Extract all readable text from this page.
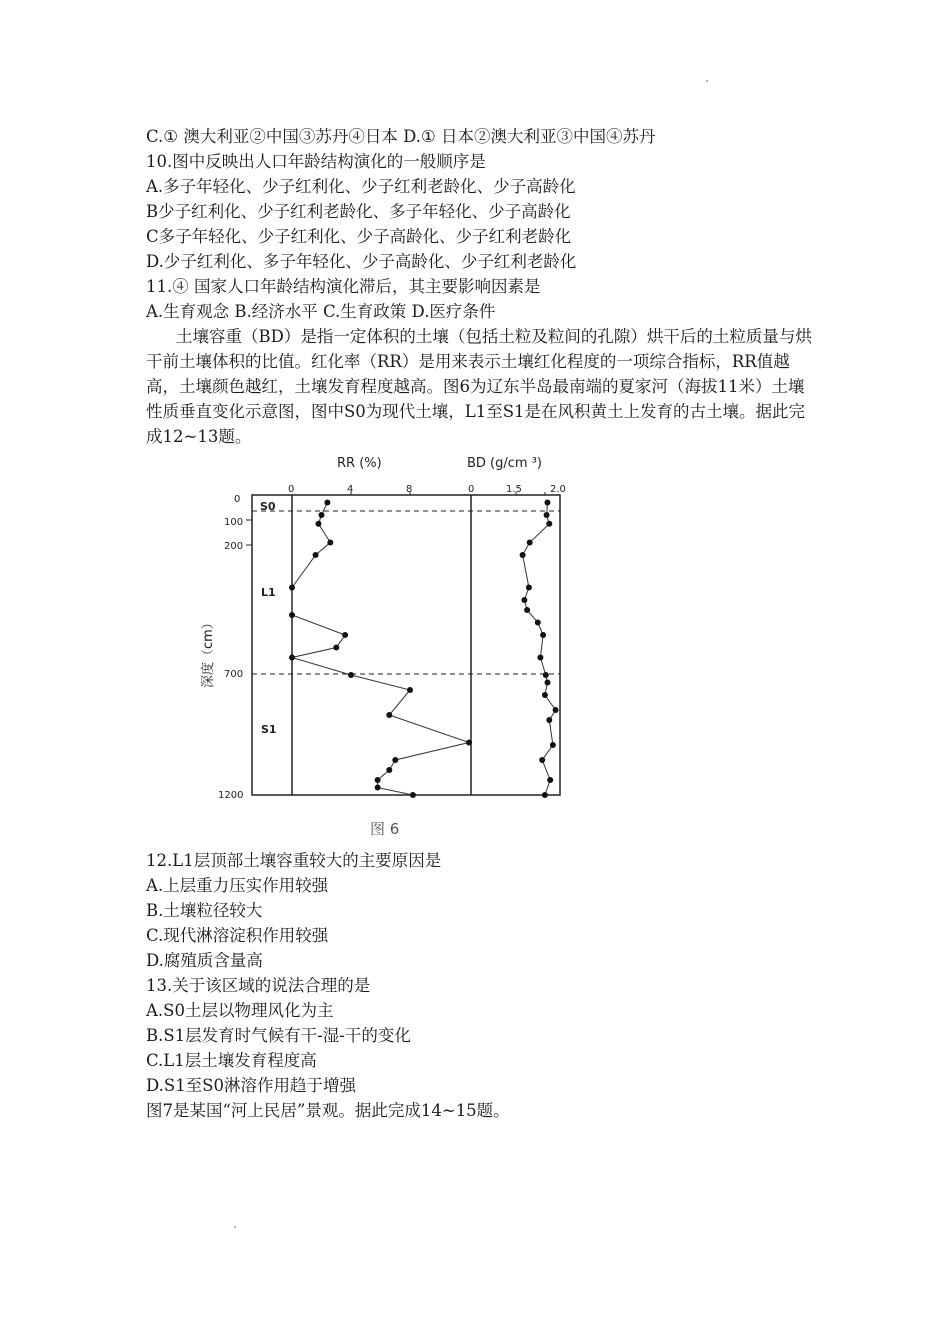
C.① 澳大利亚②中国③苏丹④日本 D.① 日本②澳大利亚③中国④苏丹
10.图中反映出人口年龄结构演化的一般顺序是
A.多子年轻化、少子红利化、少子红利老龄化、少子高龄化
B少子红利化、少子红利老龄化、多子年轻化、少子高龄化
C多子年轻化、少子红利化、少子高龄化、少子红利老龄化
D.少子红利化、多子年轻化、少子高龄化、少子红利老龄化
11.④ 国家人口年龄结构演化滞后，其主要影响因素是
A.生育观念 B.经济水平 C.生育政策 D.医疗条件
土壤容重（BD）是指一定体积的土壤（包括土粒及粒间的孔隙）烘干后的土粒质量与烘干前土壤体积的比值。红化率（RR）是用来表示土壤红化程度的一项综合指标，RR值越高，土壤颜色越红，土壤发育程度越高。图6为辽东半岛最南端的夏家河（海拔11米）土壤性质垂直变化示意图，图中S0为现代土壤，L1至S1是在风积黄土上发育的古土壤。据此完成12~13题。
RR (%)	BD (g/cm ³)
0	4	8	0	1.5	2.0
0
100
200
700
1200
深度（cm）
S0
L1
S1
图 6
12.L1层顶部土壤容重较大的主要原因是
A.上层重力压实作用较强
B.土壤粒径较大
C.现代淋溶淀积作用较强
D.腐殖质含量高
13.关于该区域的说法合理的是
A.S0土层以物理风化为主
B.S1层发育时气候有干-湿-干的变化
C.L1层土壤发育程度高
D.S1至S0淋溶作用趋于增强
图7是某国“河上民居”景观。据此完成14~15题。
